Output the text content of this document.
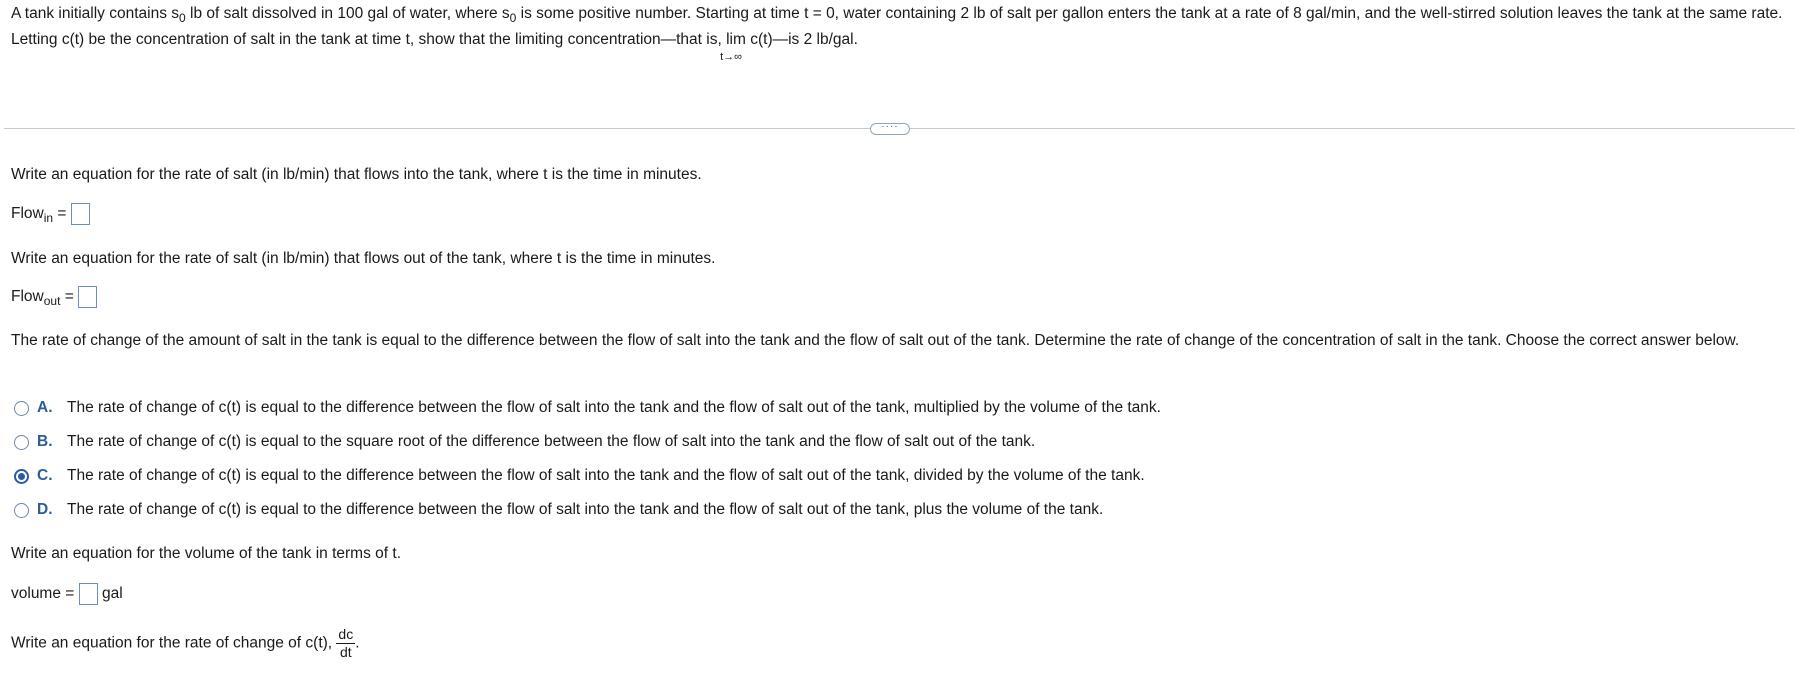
A tank initially contains $s_0$ lb of salt dissolved in 100 gal of water, where $s_0$ is some positive number. Starting at time t = 0, water containing 2 lb of salt per gallon enters the tank at a rate of 8 gal/min, and the well-stirred solution leaves the tank at the same rate. Letting c(t) be the concentration of salt in the tank at time t, show that the limiting concentration—that is, lim
t→∞
c(t)—is 2 lb/gal.
····
Write an equation for the rate of salt (in lb/min) that flows into the tank, where t is the time in minutes.
Flow$_{in}$ =
Write an equation for the rate of salt (in lb/min) that flows out of the tank, where t is the time in minutes.
Flow$_{out}$ =
The rate of change of the amount of salt in the tank is equal to the difference between the flow of salt into the tank and the flow of salt out of the tank. Determine the rate of change of the concentration of salt in the tank. Choose the correct answer below.
A. The rate of change of c(t) is equal to the difference between the flow of salt into the tank and the flow of salt out of the tank, multiplied by the volume of the tank.
B. The rate of change of c(t) is equal to the square root of the difference between the flow of salt into the tank and the flow of salt out of the tank.
C. The rate of change of c(t) is equal to the difference between the flow of salt into the tank and the flow of salt out of the tank, divided by the volume of the tank.
D. The rate of change of c(t) is equal to the difference between the flow of salt into the tank and the flow of salt out of the tank, plus the volume of the tank.
Write an equation for the volume of the tank in terms of t.
volume = gal
Write an equation for the rate of change of c(t), $\frac{dc}{dt}$ .
